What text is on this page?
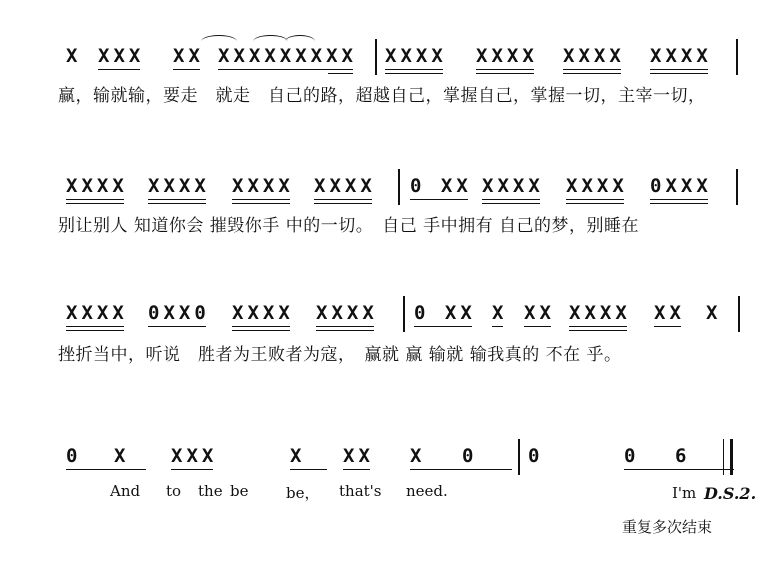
X XXX XX XXXXXXXXX XXXX XXXX XXXX XXXX
赢，输就输，要走　就走　自己的路，超越自己，掌握自己，掌握一切，主宰一切，
XXXX XXXX XXXX XXXX 0 XX XXXX XXXX 0XXX
别让别人 知道你会 摧毁你手 中的一切。　自己 手中拥有 自己的梦，别睡在
XXXX 0XX0 XXXX XXXX 0 XX X XX XXXX XX X
挫折当中，听说　胜者为王败者为寇，　赢就 赢 输就 输我真的 不在 乎。
0	X XXX	X XX X	0	0	0	6
And to the be	be， that's need.	I'm D.S.2.
重复多次结束
